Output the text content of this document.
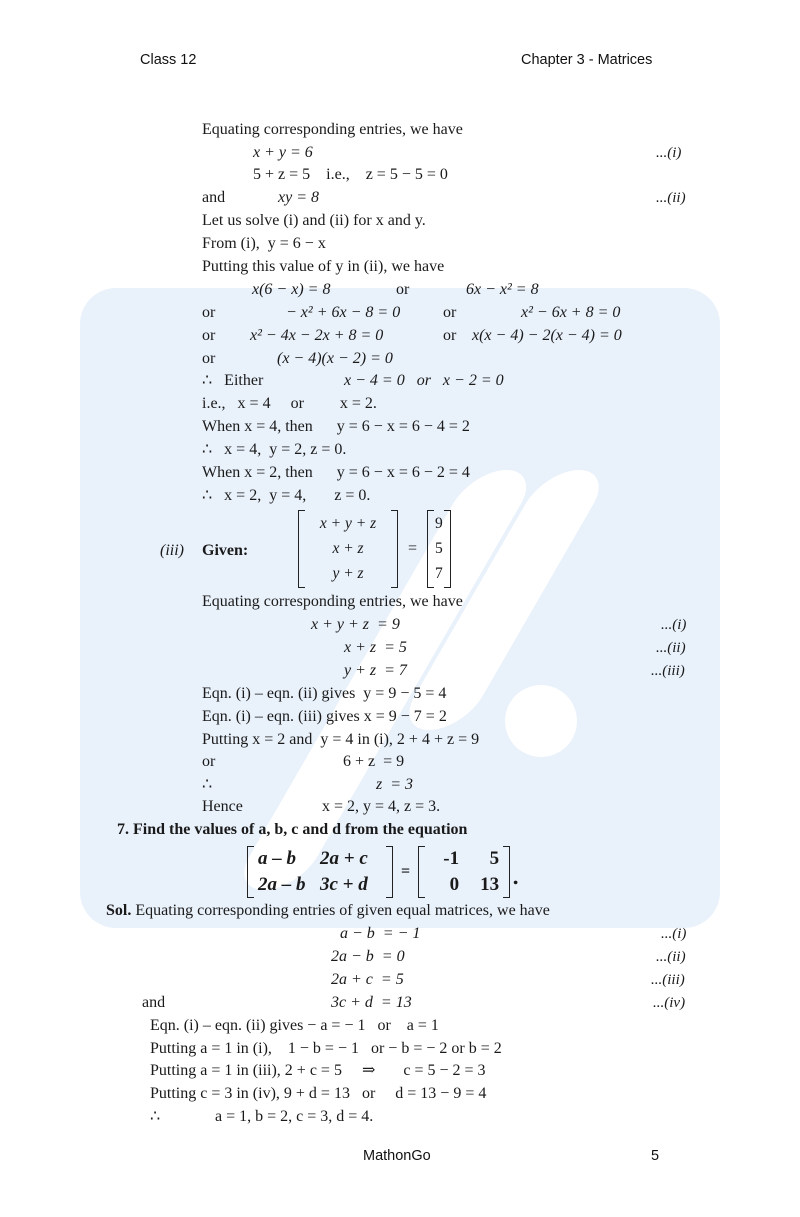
Class 12	Chapter 3 - Matrices
Equating corresponding entries, we have
x + y = 6	...(i)
5 + z = 5    i.e.,    z = 5 − 5 = 0
and	xy = 8	...(ii)
Let us solve (i) and (ii) for x and y.
From (i),  y = 6 − x
Putting this value of y in (ii), we have
x(6 − x) = 8	or	6x − x² = 8
or	− x² + 6x − 8 = 0	or	x² − 6x + 8 = 0
or x² − 4x − 2x + 8 = 0	or x(x − 4) − 2(x − 4) = 0
or	(x − 4)(x − 2) = 0
∴   Either	x − 4 = 0   or   x − 2 = 0
i.e.,   x = 4     or         x = 2.
When x = 4, then      y = 6 − x = 6 − 4 = 2
∴   x = 4,  y = 2, z = 0.
When x = 2, then      y = 6 − x = 6 − 2 = 4
∴   x = 2,  y = 4,       z = 0.
(iii) Given:
x + y + z
x + z
y + z
=
9
5
7
Equating corresponding entries, we have
x + y + z  = 9	...(i)
x + z  = 5	...(ii)
y + z  = 7	...(iii)
Eqn. (i) – eqn. (ii) gives  y = 9 − 5 = 4
Eqn. (i) – eqn. (iii) gives x = 9 − 7 = 2
Putting x = 2 and  y = 4 in (i), 2 + 4 + z = 9
or	6 + z  = 9
∴	z  = 3
Hence	x = 2, y = 4, z = 3.
7. Find the values of a, b, c and d from the equation
a – b	2a + c
2a – b 3c + d
=
-1	5
0	13 .
Sol. Equating corresponding entries of given equal matrices, we have
a − b  = − 1	...(i)
2a − b  = 0	...(ii)
2a + c  = 5	...(iii)
and	3c + d  = 13	...(iv)
Eqn. (i) – eqn. (ii) gives − a = − 1   or    a = 1
Putting a = 1 in (i),    1 − b = − 1   or − b = − 2 or b = 2
Putting a = 1 in (iii), 2 + c = 5     ⇒       c = 5 − 2 = 3
Putting c = 3 in (iv), 9 + d = 13   or     d = 13 − 9 = 4
∴	a = 1, b = 2, c = 3, d = 4.
MathonGo	5
